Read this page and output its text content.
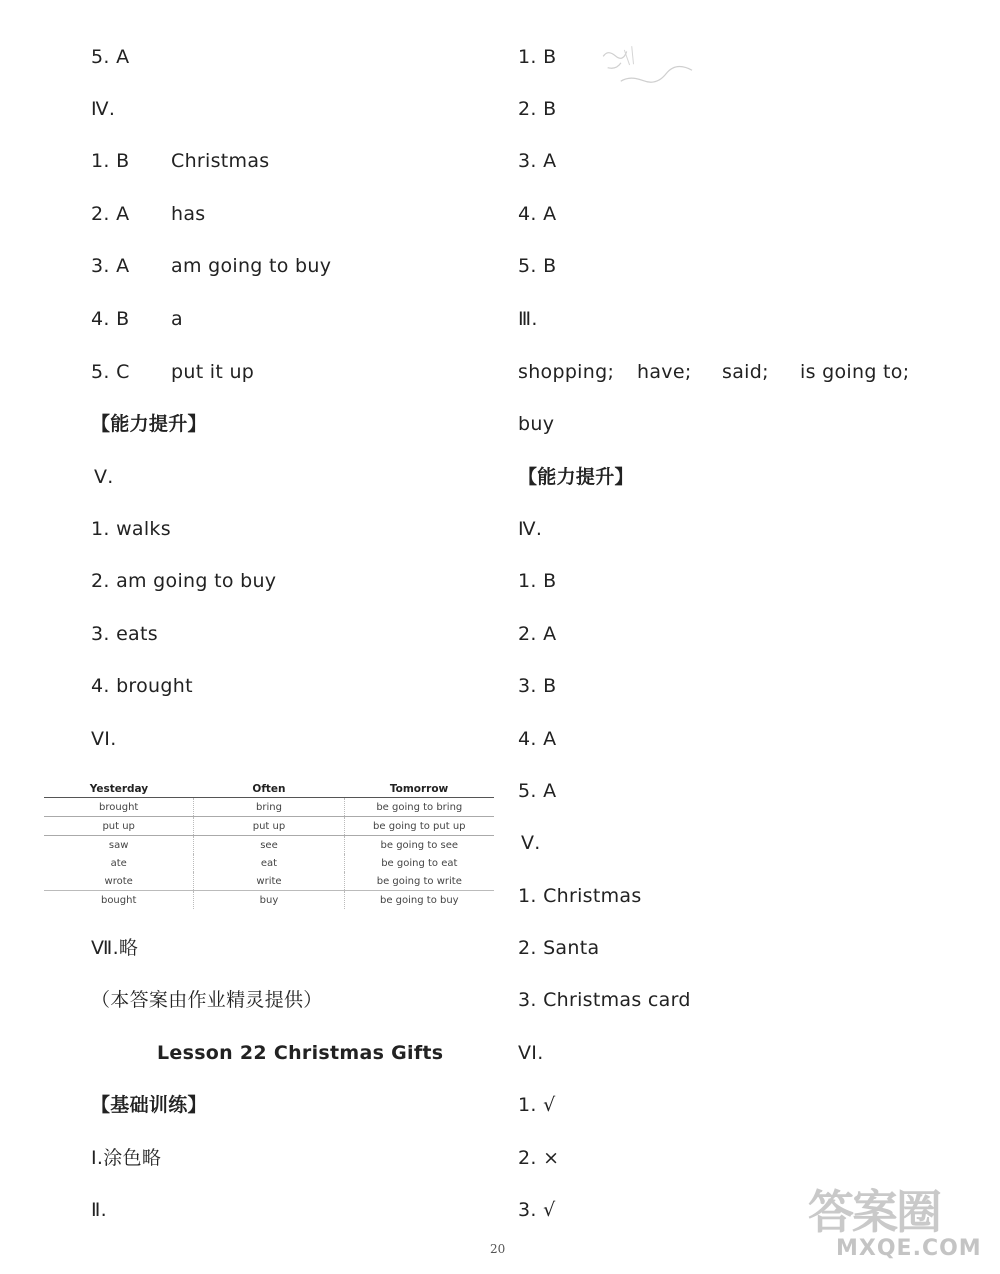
5. A
Ⅳ.
1. B Christmas
2. A has
3. A am going to buy
4. B a
5. C put it up
【能力提升】
Ⅴ.
1. walks
2. am going to buy
3. eats
4. brought
VI.
Ⅶ.略
（本答案由作业精灵提供）
Lesson 22 Christmas Gifts
【基础训练】
Ⅰ.涂色略
Ⅱ.
Yesterday	Often	Tomorrow
brought	bring	be going to bring
put up	put up	be going to put up
saw	see	be going to see
ate	eat	be going to eat
wrote	write	be going to write
bought	buy	be going to buy
1. B
2. B
3. A
4. A
5. B
Ⅲ.
shopping; have; said; is going to;
buy
【能力提升】
Ⅳ.
1. B
2. A
3. B
4. A
5. A
Ⅴ.
1. Christmas
2. Santa
3. Christmas card
VI.
1. √
2. ×
3. √
20
答案圈
MXQE.COM
